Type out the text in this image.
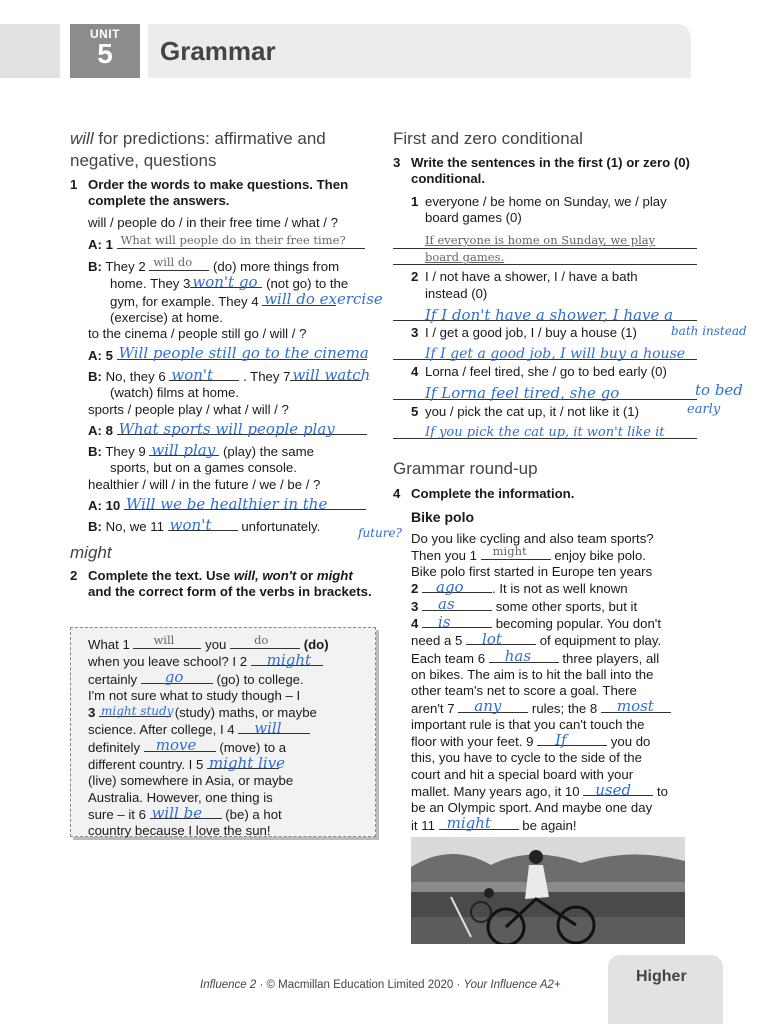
UNIT
5	Grammar
will for predictions: affirmative and
negative, questions
1 Order the words to make questions. Then
complete the answers.
will / people do / in their free time / what / ?
A: 1 What will people do in their free time?
B: They 2 will do (do) more things from
home. They 3 won't go (not go) to the
gym, for example. They 4 will do exercise
(exercise) at home.
to the cinema / people still go / will / ?
A: 5 Will people still go to the cinema
B: No, they 6 won't . They 7 will watch
(watch) films at home.
sports / people play / what / will / ?
A: 8 What sports will people play
B: They 9 will play (play) the same
sports, but on a games console.
healthier / will / in the future / we / be / ?
A: 10 Will we be healthier in the
B: No, we 11 won't unfortunately.	future?
might
2 Complete the text. Use will, won't or might
and the correct form of the verbs in brackets.
What 1 will you do	(do)
when you leave school? I 2 might
certainly go	(go) to college.
I'm not sure what to study though – I
3 might study (study) maths, or maybe
science. After college, I 4 will
definitely move (move) to a
different country. I 5 might live
(live) somewhere in Asia, or maybe
Australia. However, one thing is
sure – it 6 will be (be) a hot
country because I love the sun!
First and zero conditional
3 Write the sentences in the first (1) or zero (0)
conditional.
1 everyone / be home on Sunday, we / play
board games (0)
If everyone is home on Sunday, we play
board games.
2 I / not have a shower, I / have a bath
instead (0)
If I don't have a shower, I have a
3 I / get a good job, I / buy a house (1)	bath instead
If I get a good job, I will buy a house
4 Lorna / feel tired, she / go to bed early (0)
If Lorna feel tired, she go	to bed
5 you / pick the cat up, it / not like it (1)	early
If you pick the cat up, it won't like it
Grammar round-up
4 Complete the information.
Bike polo
Do you like cycling and also team sports?
Then you 1 might enjoy bike polo.
Bike polo first started in Europe ten years
2 ago . It is not as well known
3 as	some other sports, but it
4 is	becoming popular. You don't
need a 5 lot	of equipment to play.
Each team 6 has three players, all
on bikes. The aim is to hit the ball into the
other team's net to score a goal. There
aren't 7 any rules; the 8 most
important rule is that you can't touch the
floor with your feet. 9 If	you do
this, you have to cycle to the side of the
court and hit a special board with your
mallet. Many years ago, it 10 used to
be an Olympic sport. And maybe one day
it 11 might be again!
Influence 2 · © Macmillan Education Limited 2020 · Your Influence A2+	Higher
